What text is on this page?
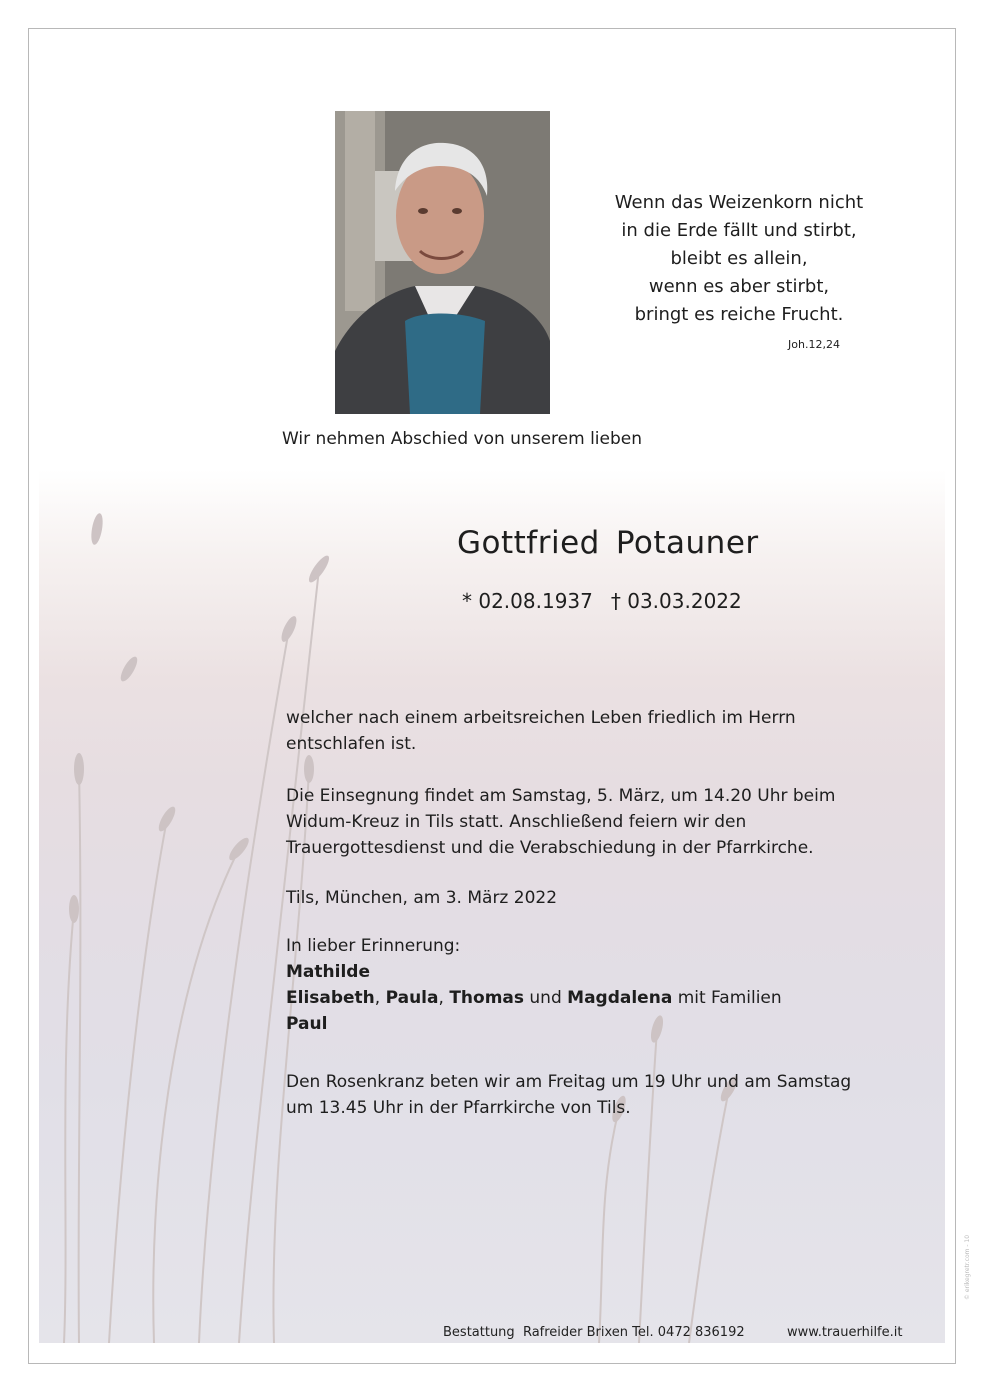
Wenn das Weizenkorn nicht
in die Erde fällt und stirbt,
bleibt es allein,
wenn es aber stirbt,
bringt es reiche Frucht.
Joh.12,24
Wir nehmen Abschied von unserem lieben
Gottfried Potauner
* 02.08.1937 † 03.03.2022

welcher nach einem arbeitsreichen Leben friedlich im Herrn

entschlafen ist.

Die Einsegnung findet am Samstag, 5. März, um 14.20 Uhr beim

Widum-Kreuz in Tils statt. Anschließend feiern wir den

Trauergottesdienst und die Verabschiedung in der Pfarrkirche.

Tils, München, am 3. März 2022

In lieber Erinnerung:

Mathilde

Elisabeth, Paula, Thomas und Magdalena mit Familien

Paul

Den Rosenkranz beten wir am Freitag um 19 Uhr und am Samstag

um 13.45 Uhr in der Pfarrkirche von Tils.

Bestattung  Rafreider Brixen Tel. 0472 836192	www.trauerhilfe.it
© erikegretr.com - 10
